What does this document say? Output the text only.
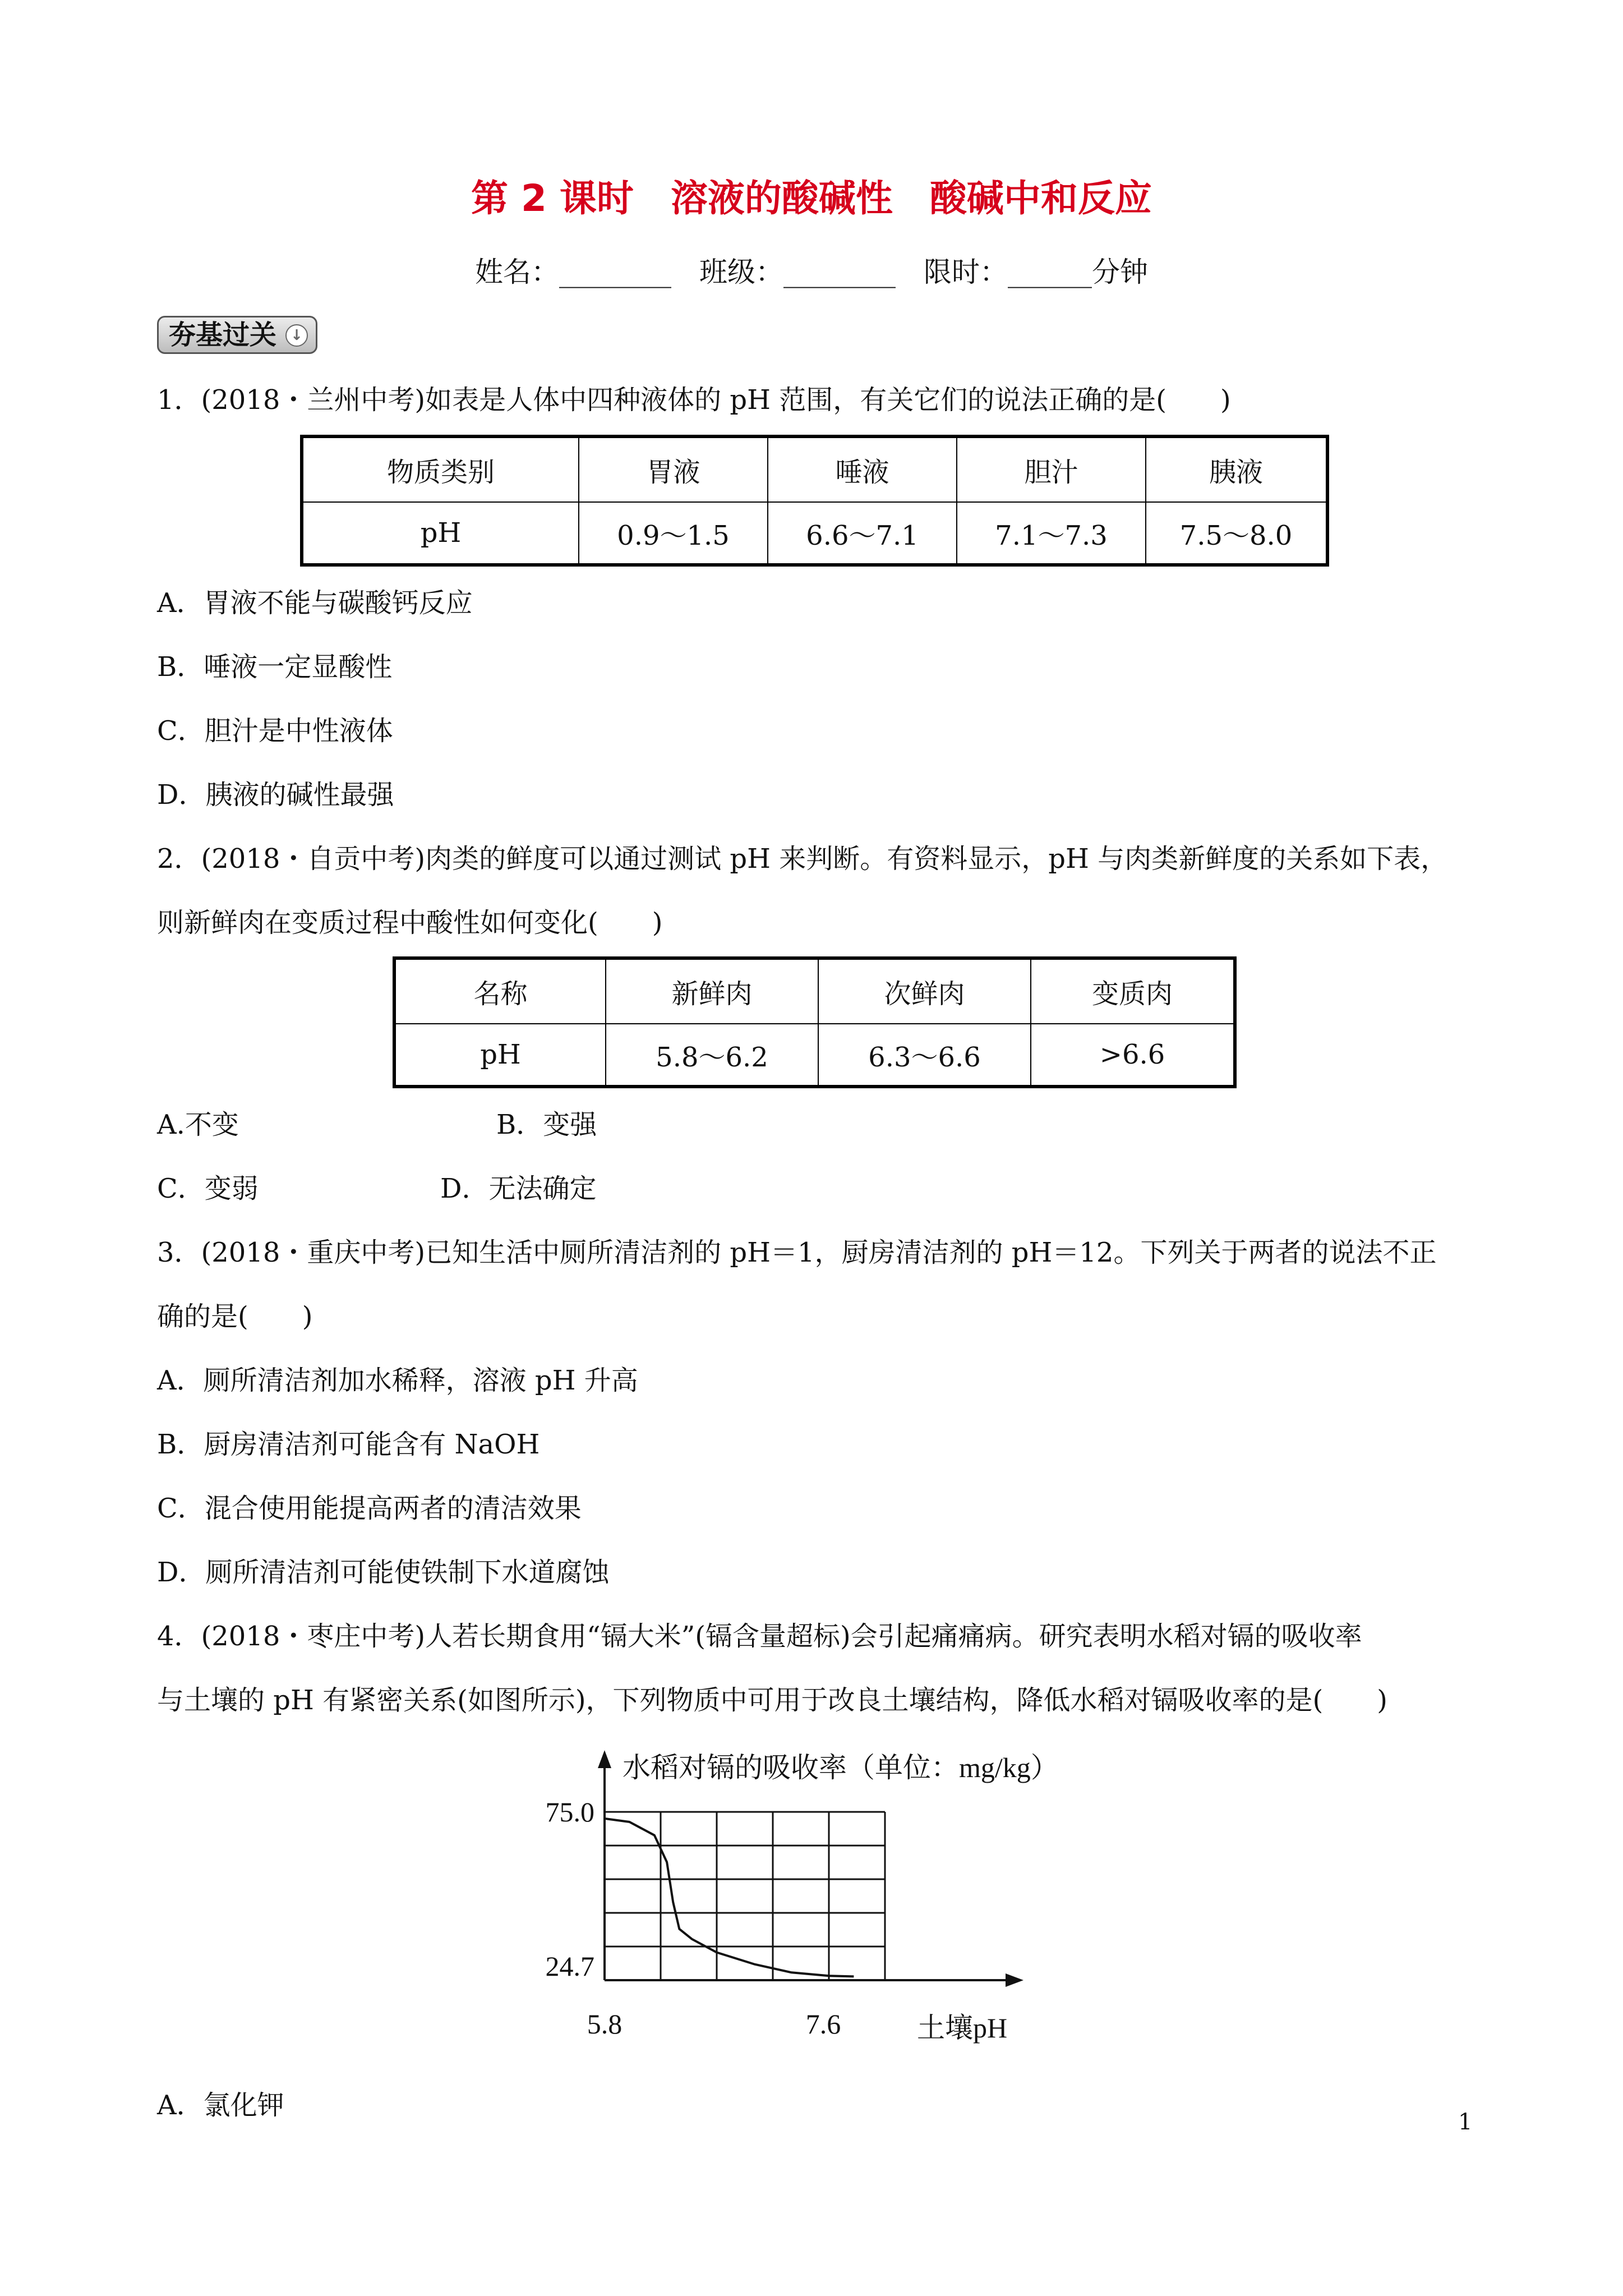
第 2 课时　溶液的酸碱性　酸碱中和反应
姓名：________　班级：________　限时：______分钟
夯基过关 ↓
1．(2018・兰州中考)如表是人体中四种液体的 pH 范围，有关它们的说法正确的是(　　)
物质类别	胃液	唾液	胆汁	胰液
pH	0.9～1.5	6.6～7.1	7.1～7.3	7.5～8.0
A．胃液不能与碳酸钙反应
B．唾液一定显酸性
C．胆汁是中性液体
D．胰液的碱性最强
2．(2018・自贡中考)肉类的鲜度可以通过测试 pH 来判断。有资料显示，pH 与肉类新鲜度的关系如下表，
则新鲜肉在变质过程中酸性如何变化(　　)
名称	新鲜肉	次鲜肉	变质肉
pH	5.8～6.2	6.3～6.6	>6.6
A.不变	B．变强
C．变弱	D．无法确定
3．(2018・重庆中考)已知生活中厕所清洁剂的 pH＝1，厨房清洁剂的 pH＝12。下列关于两者的说法不正
确的是(　　)
A．厕所清洁剂加水稀释，溶液 pH 升高
B．厨房清洁剂可能含有 NaOH
C．混合使用能提高两者的清洁效果
D．厕所清洁剂可能使铁制下水道腐蚀
4．(2018・枣庄中考)人若长期食用“镉大米”(镉含量超标)会引起痛痛病。研究表明水稻对镉的吸收率
与土壤的 pH 有紧密关系(如图所示)，下列物质中可用于改良土壤结构，降低水稻对镉吸收率的是(　　)
水稻对镉的吸收率（单位：mg/kg）
75.0
24.7
5.8	7.6	土壤pH
A．氯化钾
1
